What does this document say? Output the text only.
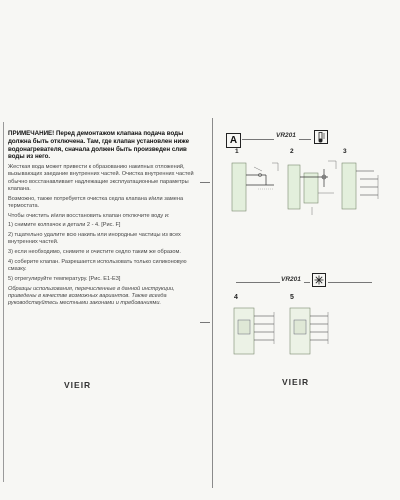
ПРИМЕЧАНИЕ! Перед демонтажом клапана подача воды должна быть отключена. Там, где клапан установлен ниже водонагревателя, сначала должен быть произведен слив воды из него.

Жесткая вода может привести к образованию накипных отложений, вызывающих заедание внутренних частей. Очистка внутренних частей обычно восстанавливает надлежащие эксплуатационные параметры клапана.

Возможно, также потребуется очистка седла клапана и/или замена термостата.

Чтобы очистить и/или восстановить клапан отключите воду и:

1) снимите колпачок и детали 2 - 4. [Рис. F]

2) тщательно удалите всю накипь или инородные частицы из всех внутренних частей.

3) если необходимо, снимите и очистите седло таким же образом.

4) соберите клапан. Разрешается использовать только силиконовую смазку.

5) отрегулируйте температуру. [Рис. E1-E3]

Образцы использования, перечисленные в данной инструкции, приведены в качестве возможных вариантов. Также всегда руководствуйтесь местными законами и требованиями.

VIEIR
A	VR201
1	2	3
4	5
VR201
VIEIR
